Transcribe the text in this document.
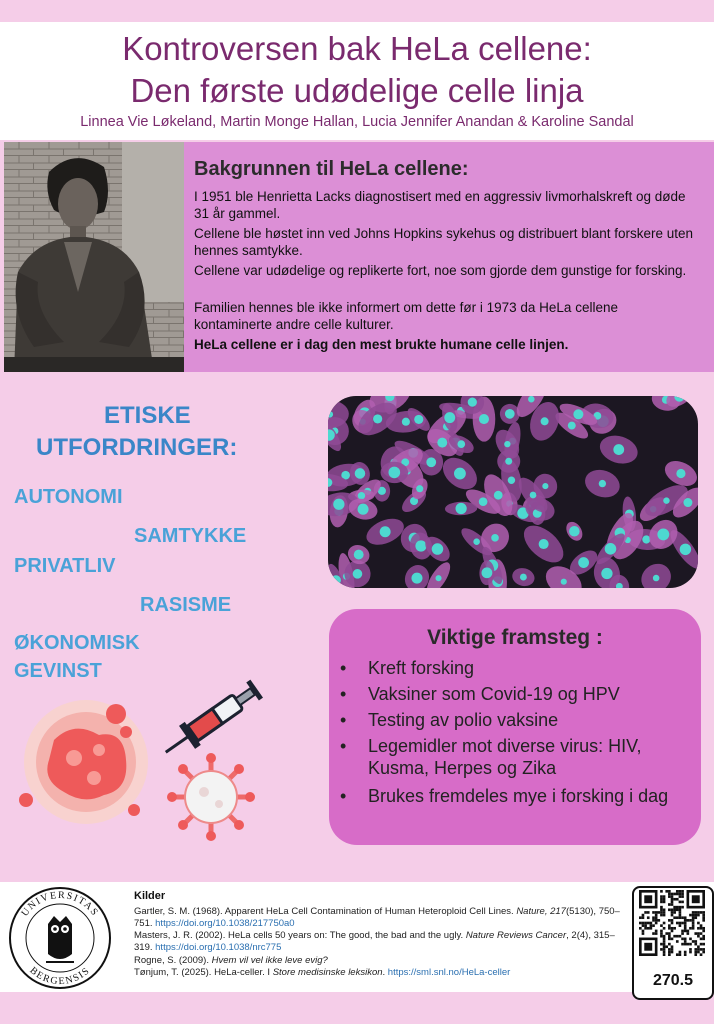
Kontroversen bak HeLa cellene:
Den første udødelige celle linja
Linnea Vie Løkeland, Martin Monge Hallan, Lucia Jennifer Anandan & Karoline Sandal
Bakgrunnen til HeLa cellene:
I 1951 ble Henrietta Lacks diagnostisert med en aggressiv livmorhalskreft og døde 31 år gammel.
Cellene ble høstet inn ved Johns Hopkins sykehus og distribuert blant forskere uten hennes samtykke.
Cellene var udødelige og replikerte fort, noe som gjorde dem gunstige for forsking.
Familien hennes ble ikke informert om dette før i 1973 da HeLa cellene kontaminerte andre celle kulturer.
HeLa cellene er i dag den mest brukte humane celle linjen.
ETISKE
UTFORDRINGER:
AUTONOMI
SAMTYKKE
PRIVATLIV
RASISME
ØKONOMISK
GEVINST
Viktige framsteg :
• Kreft forsking
• Vaksiner som Covid-19 og HPV
• Testing av polio vaksine
• Legemidler mot diverse virus: HIV, Kusma, Herpes og Zika
• Brukes fremdeles mye i forsking i dag
UNIVERSITAS
BERGENSIS
Kilder
Gartler, S. M. (1968). Apparent HeLa Cell Contamination of Human Heteroploid Cell Lines. Nature, 217(5130), 750–751. https://doi.org/10.1038/217750a0
Masters, J. R. (2002). HeLa cells 50 years on: The good, the bad and the ugly. Nature Reviews Cancer, 2(4), 315–319. https://doi.org/10.1038/nrc775
Rogne, S. (2009). Hvem vil vel ikke leve evig?
Tønjum, T. (2025). HeLa-celler. I Store medisinske leksikon. https://sml.snl.no/HeLa-celler	270.5
